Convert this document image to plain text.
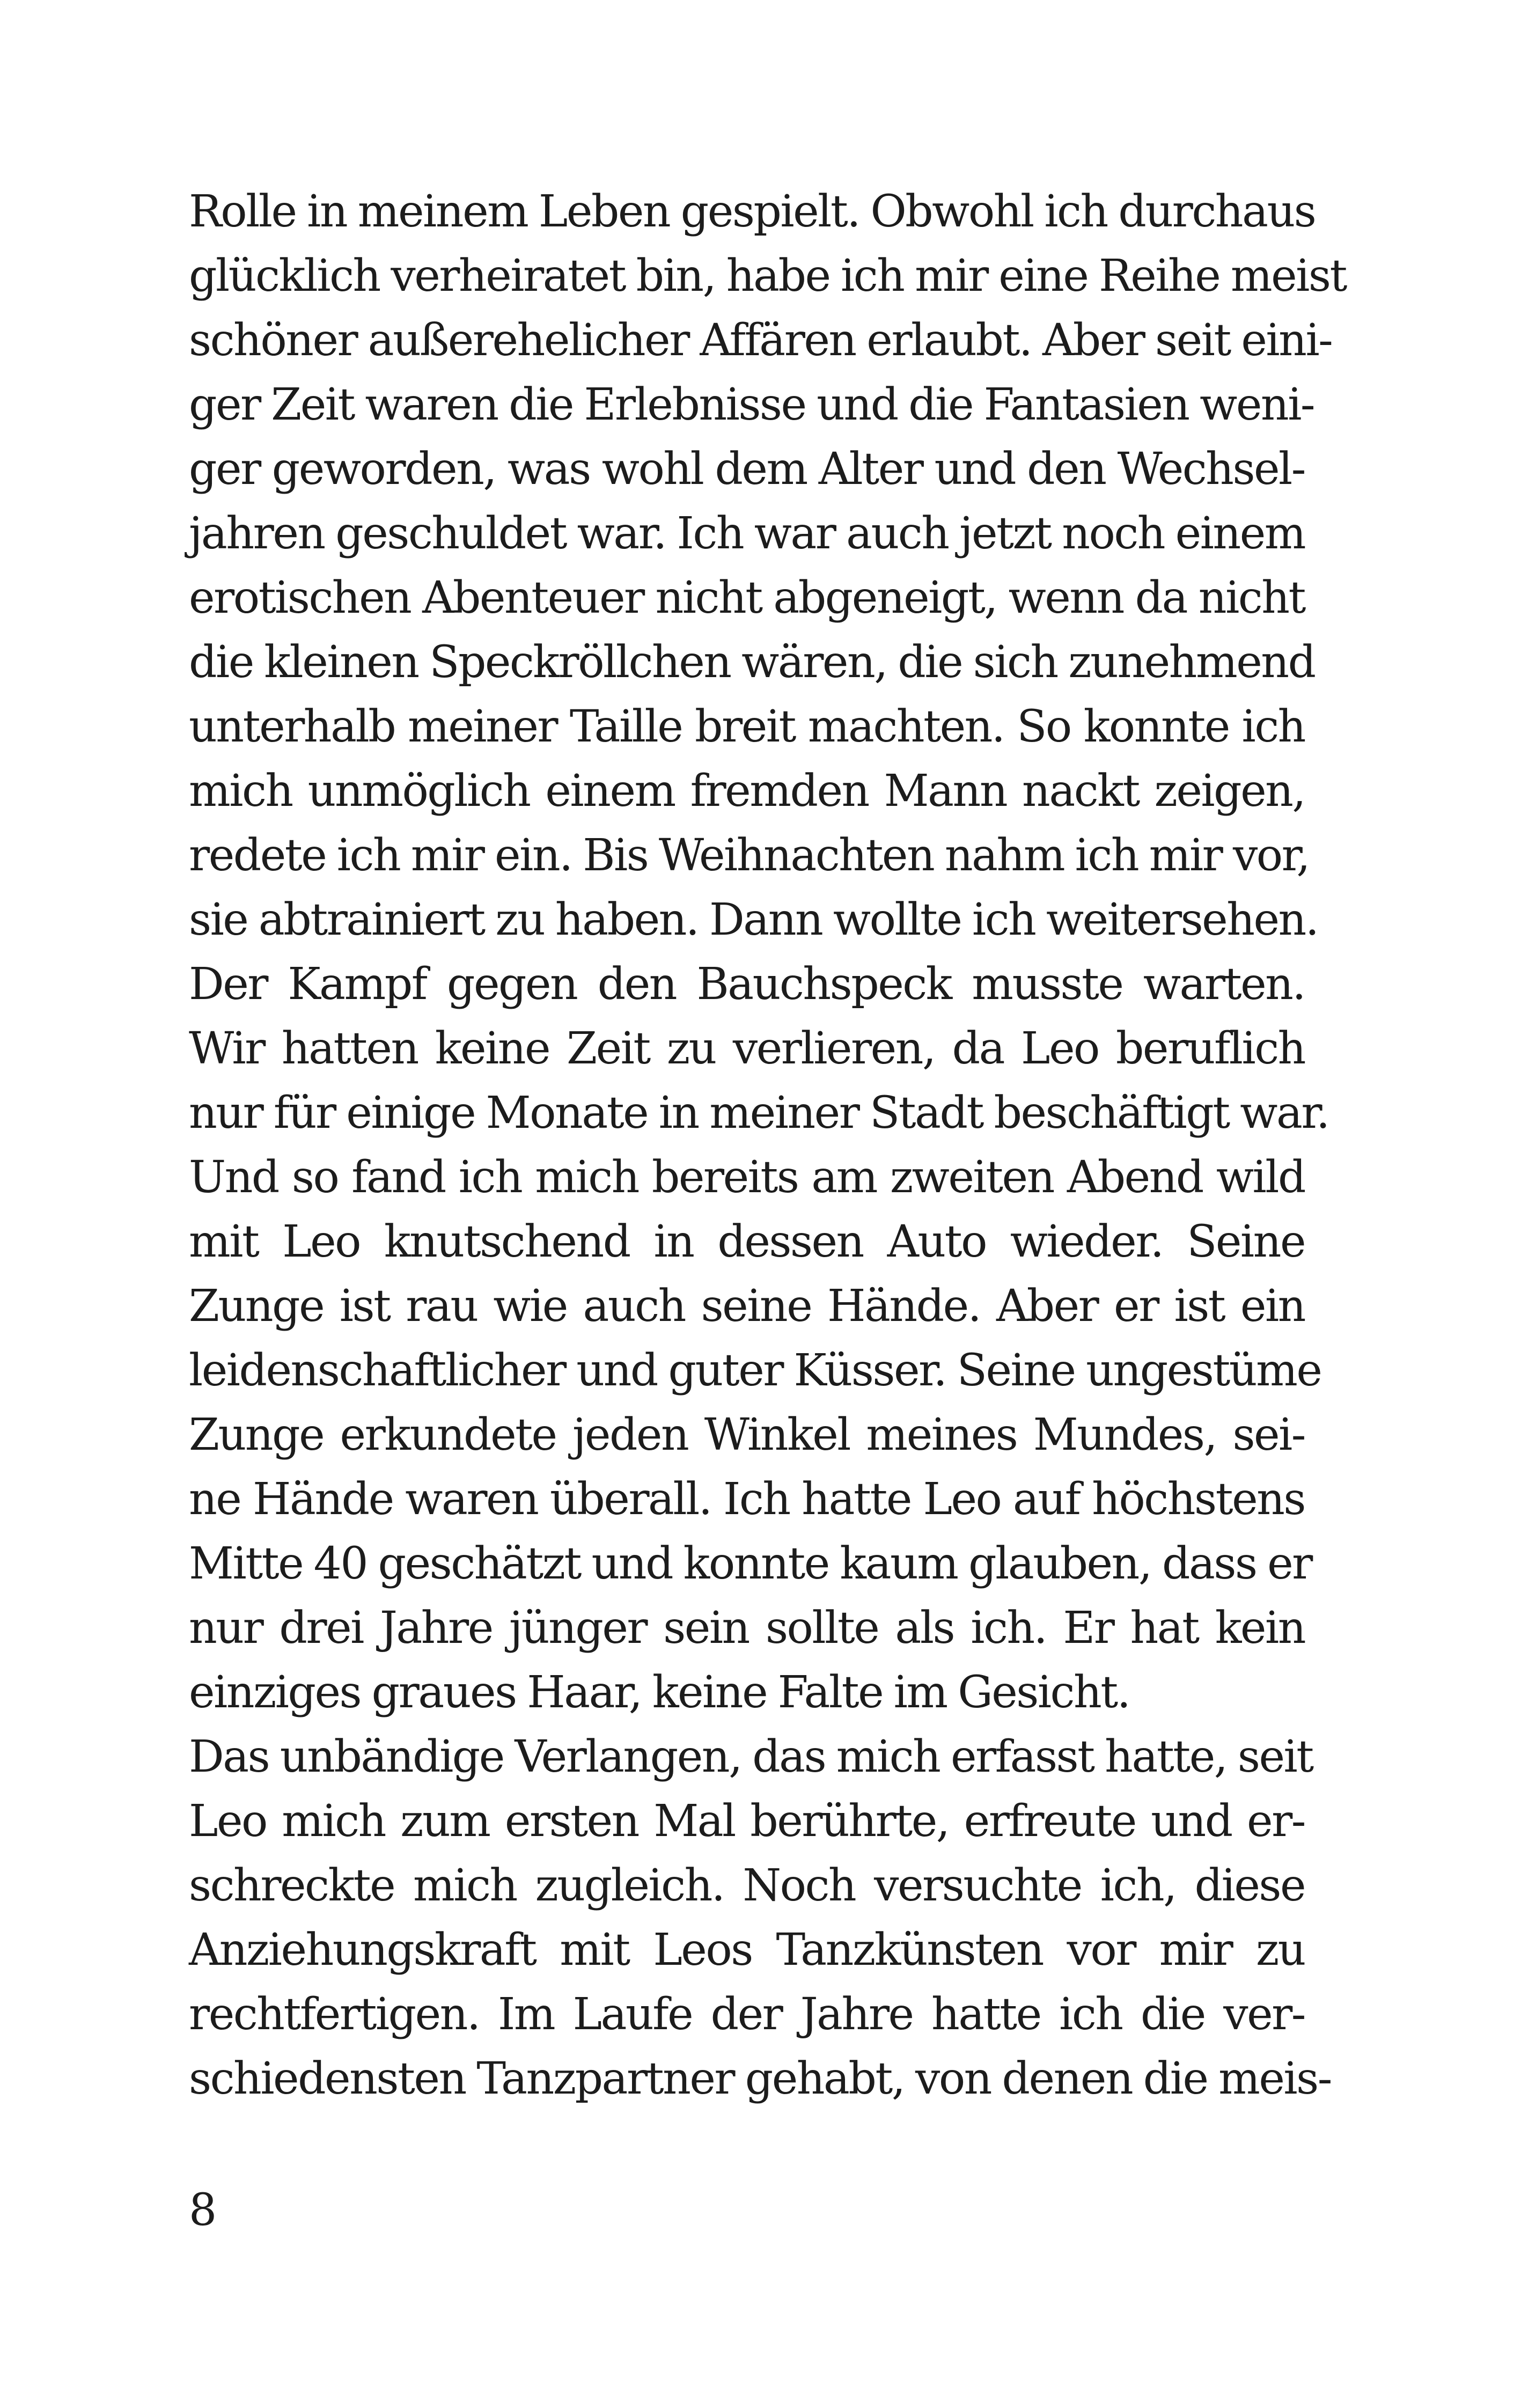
Rolle in meinem Leben gespielt. Obwohl ich durchaus
glücklich verheiratet bin, habe ich mir eine Reihe meist
schöner außerehelicher Affären erlaubt. Aber seit eini-
ger Zeit waren die Erlebnisse und die Fantasien weni-
ger geworden, was wohl dem Alter und den Wechsel-
jahren geschuldet war. Ich war auch jetzt noch einem
erotischen Abenteuer nicht abgeneigt, wenn da nicht
die kleinen Speckröllchen wären, die sich zunehmend
unterhalb meiner Taille breit machten. So konnte ich
mich unmöglich einem fremden Mann nackt zeigen,
redete ich mir ein. Bis Weihnachten nahm ich mir vor,
sie abtrainiert zu haben. Dann wollte ich weitersehen.
Der Kampf gegen den Bauchspeck musste warten.
Wir hatten keine Zeit zu verlieren, da Leo beruflich
nur für einige Monate in meiner Stadt beschäftigt war.
Und so fand ich mich bereits am zweiten Abend wild
mit Leo knutschend in dessen Auto wieder. Seine
Zunge ist rau wie auch seine Hände. Aber er ist ein
leidenschaftlicher und guter Küsser. Seine ungestüme
Zunge erkundete jeden Winkel meines Mundes, sei-
ne Hände waren überall. Ich hatte Leo auf höchstens
Mitte 40 geschätzt und konnte kaum glauben, dass er
nur drei Jahre jünger sein sollte als ich. Er hat kein
einziges graues Haar, keine Falte im Gesicht.
Das unbändige Verlangen, das mich erfasst hatte, seit
Leo mich zum ersten Mal berührte, erfreute und er-
schreckte mich zugleich. Noch versuchte ich, diese
Anziehungskraft mit Leos Tanzkünsten vor mir zu
rechtfertigen. Im Laufe der Jahre hatte ich die ver-
schiedensten Tanzpartner gehabt, von denen die meis-
8
